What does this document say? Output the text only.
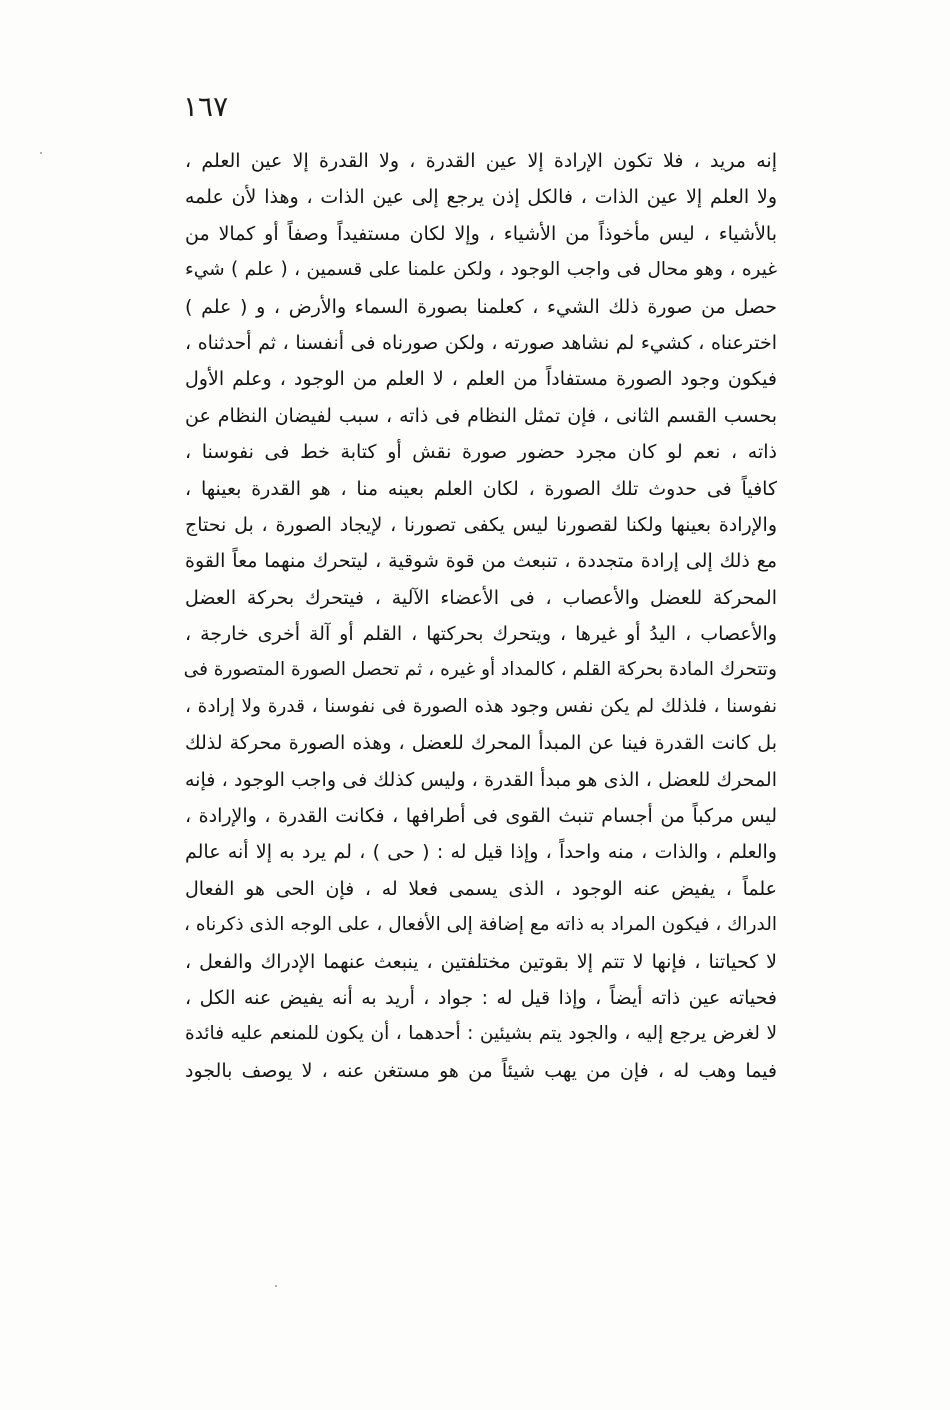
١٦٧
إنه مريد ، فلا تكون الإرادة إلا عين القدرة ، ولا القدرة إلا عين العلم ،
ولا العلم إلا عين الذات ، فالكل إذن يرجع إلى عين الذات ، وهذا لأن علمه
بالأشياء ، ليس مأخوذاً من الأشياء ، وإلا لكان مستفيداً وصفاً أو كمالا من
غيره ، وهو محال فى واجب الوجود ، ولكن علمنا على قسمين ، ( علم ) شيء
حصل من صورة ذلك الشيء ، كعلمنا بصورة السماء والأرض ، و ( علم )
اخترعناه ، كشيء لم نشاهد صورته ، ولكن صورناه فى أنفسنا ، ثم أحدثناه ،
فيكون وجود الصورة مستفاداً من العلم ، لا العلم من الوجود ، وعلم الأول
بحسب القسم الثانى ، فإن تمثل النظام فى ذاته ، سبب لفيضان النظام عن
ذاته ، نعم لو كان مجرد حضور صورة نقش أو كتابة خط فى نفوسنا ،
كافياً فى حدوث تلك الصورة ، لكان العلم بعينه منا ، هو القدرة بعينها ،
والإرادة بعينها ولكنا لقصورنا ليس يكفى تصورنا ، لإيجاد الصورة ، بل نحتاج
مع ذلك إلى إرادة متجددة ، تنبعث من قوة شوقية ، ليتحرك منهما معاً القوة
المحركة للعضل والأعصاب ، فى الأعضاء الآلية ، فيتحرك بحركة العضل
والأعصاب ، اليدُ أو غيرها ، ويتحرك بحركتها ، القلم أو آلة أخرى خارجة ،
وتتحرك المادة بحركة القلم ، كالمداد أو غيره ، ثم تحصل الصورة المتصورة فى
نفوسنا ، فلذلك لم يكن نفس وجود هذه الصورة فى نفوسنا ، قدرة ولا إرادة ،
بل كانت القدرة فينا عن المبدأ المحرك للعضل ، وهذه الصورة محركة لذلك
المحرك للعضل ، الذى هو مبدأ القدرة ، وليس كذلك فى واجب الوجود ، فإنه
ليس مركباً من أجسام تنبث القوى فى أطرافها ، فكانت القدرة ، والإرادة ،
والعلم ، والذات ، منه واحداً ، وإذا قيل له : ( حى ) ، لم يرد به إلا أنه عالم
علماً ، يفيض عنه الوجود ، الذى يسمى فعلا له ، فإن الحى هو الفعال
الدراك ، فيكون المراد به ذاته مع إضافة إلى الأفعال ، على الوجه الذى ذكرناه ،
لا كحياتنا ، فإنها لا تتم إلا بقوتين مختلفتين ، ينبعث عنهما الإدراك والفعل ،
فحياته عين ذاته أيضاً ، وإذا قيل له : جواد ، أريد به أنه يفيض عنه الكل ،
لا لغرض يرجع إليه ، والجود يتم بشيئين : أحدهما ، أن يكون للمنعم عليه فائدة
فيما وهب له ، فإن من يهب شيئاً من هو مستغن عنه ، لا يوصف بالجود
